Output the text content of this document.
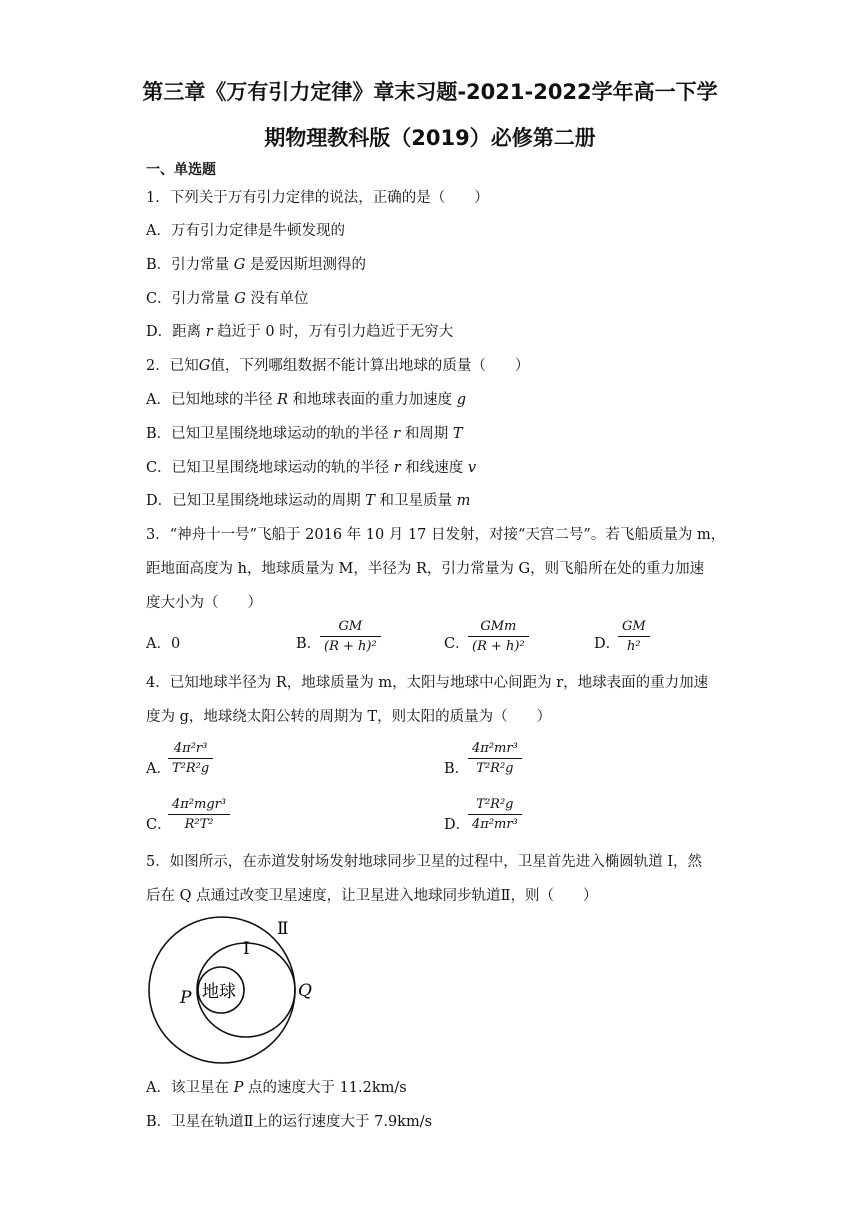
第三章《万有引力定律》章末习题-2021-2022学年高一下学
期物理教科版（2019）必修第二册
一、单选题
1．下列关于万有引力定律的说法，正确的是（　　）
A．万有引力定律是牛顿发现的
B．引力常量 G 是爱因斯坦测得的
C．引力常量 G 没有单位
D．距离 r 趋近于 0 时，万有引力趋近于无穷大
2．已知G值，下列哪组数据不能计算出地球的质量（　　）
A．已知地球的半径 R 和地球表面的重力加速度 g
B．已知卫星围绕地球运动的轨的半径 r 和周期 T
C．已知卫星围绕地球运动的轨的半径 r 和线速度 v
D．已知卫星围绕地球运动的周期 T 和卫星质量 m
3．“神舟十一号”飞船于 2016 年 10 月 17 日发射，对接“天宫二号”。若飞船质量为 m，
距地面高度为 h，地球质量为 M，半径为 R，引力常量为 G，则飞船所在处的重力加速
度大小为（　　）
A．0	B．
$\frac{GM}{\text{(R + h)²}}$	C．
GMm
(R + h)²	D．
$\frac{GM}{\text{h²}}$
4．已知地球半径为 R，地球质量为 m，太阳与地球中心间距为 r，地球表面的重力加速
度为 g，地球绕太阳公转的周期为 T，则太阳的质量为（　　）
A．
$\frac{\text{4π²r³}}{\text{T²R²g}}$	B．
$\frac{\text{4π²mr³}}{\text{T²R²g}}$
C．
4π²mgr³
R²T²	D．
$\frac{\text{T²R²g}}{\text{4π²mr³}}$
5．如图所示，在赤道发射场发射地球同步卫星的过程中，卫星首先进入椭圆轨道 I，然
后在 Q 点通过改变卫星速度，让卫星进入地球同步轨道Ⅱ，则（　　）
地球
P	Q
I
Ⅱ
A．该卫星在 P 点的速度大于 11.2km/s
B．卫星在轨道Ⅱ上的运行速度大于 7.9km/s
